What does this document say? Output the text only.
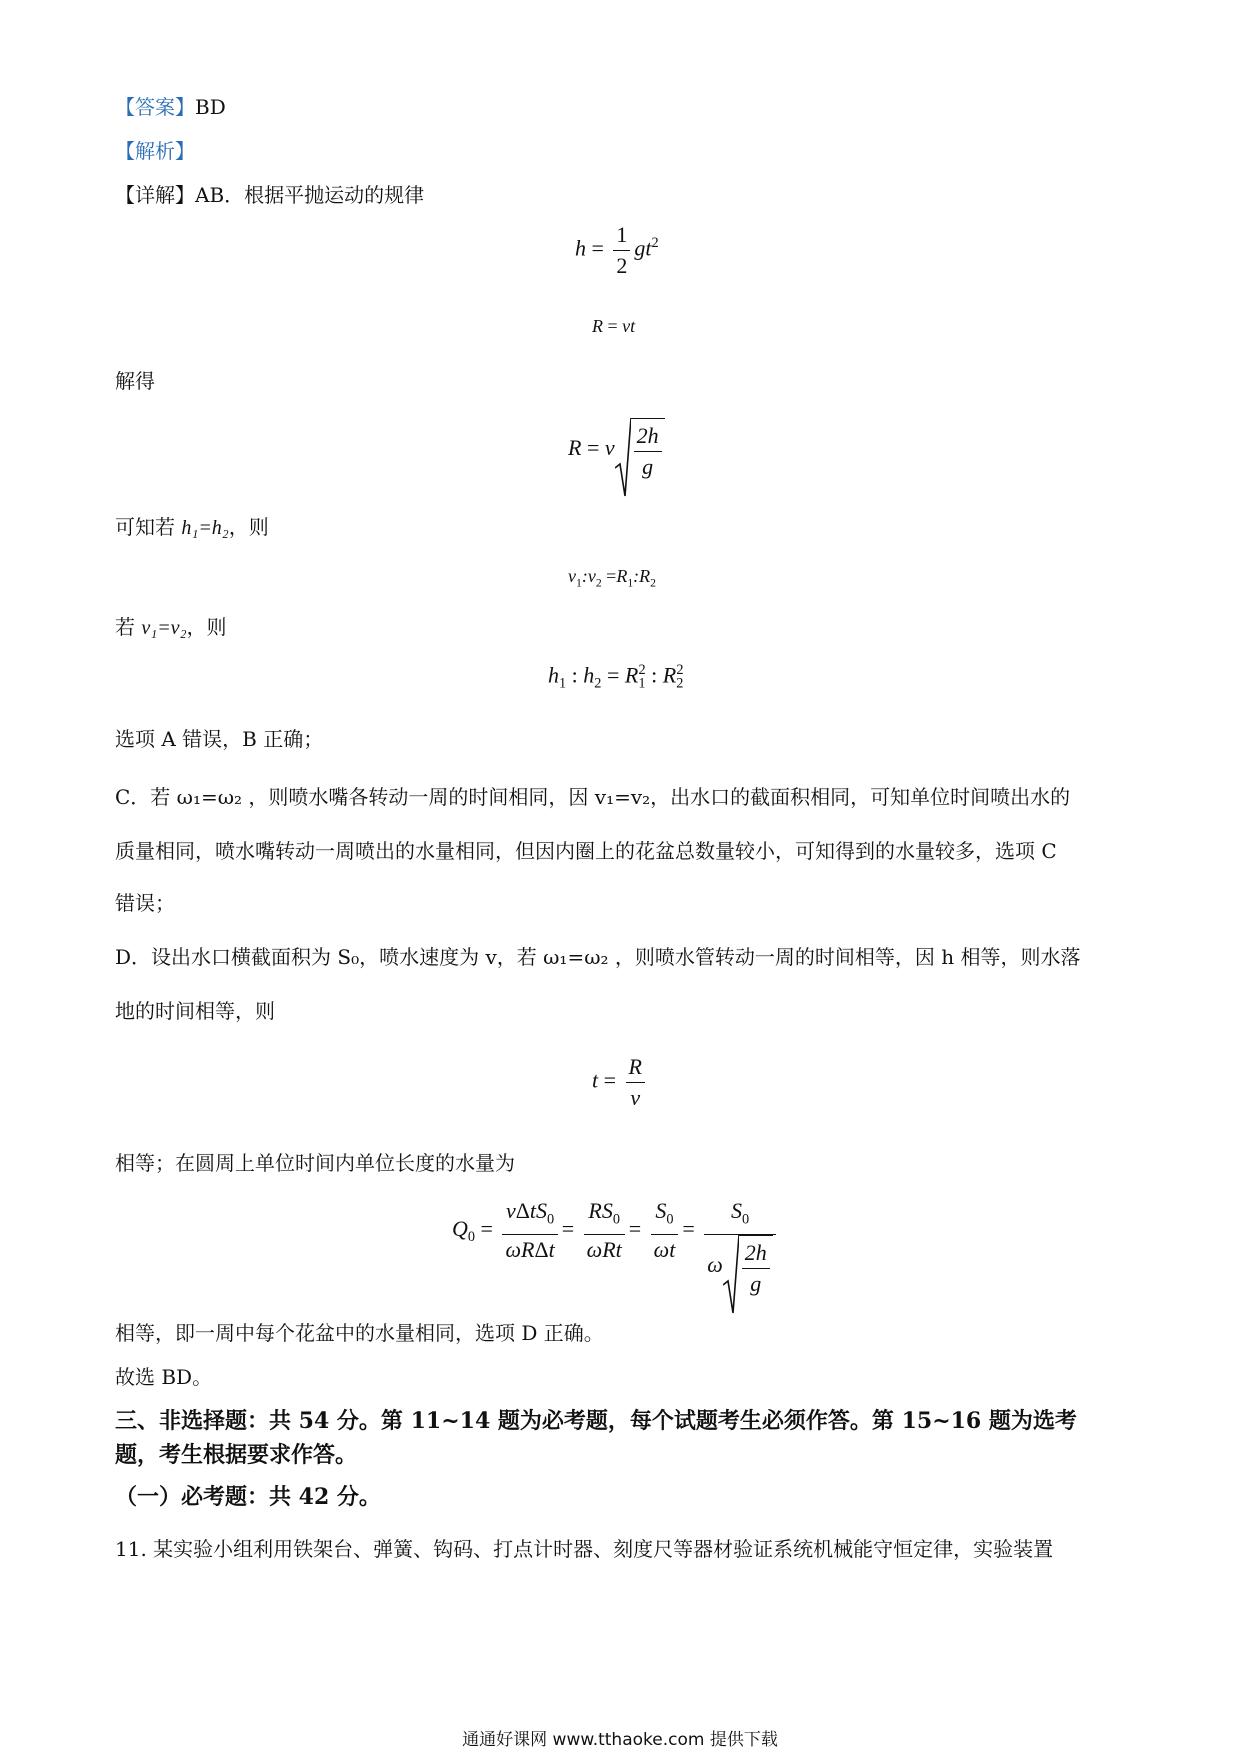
【答案】BD
【解析】
【详解】AB．根据平抛运动的规律
$h = \frac{1}{2} gt^2$
R = vt
解得
R = v $\frac{2h}{g}$
可知若 h₁=h₂，则
$v_1:v_2$ $=R_1:R_2$
若 v₁=v₂，则
$h_1$ : $h_2 = R_1^2$ : $R_2^2$
选项 A 错误，B 正确；
C．若 ω₁=ω₂ ，则喷水嘴各转动一周的时间相同，因 v₁=v₂，出水口的截面积相同，可知单位时间喷出水的
质量相同，喷水嘴转动一周喷出的水量相同，但因内圈上的花盆总数量较小，可知得到的水量较多，选项 C
错误；
D．设出水口横截面积为 S₀，喷水速度为 v，若 ω₁=ω₂ ，则喷水管转动一周的时间相等，因 h 相等，则水落
地的时间相等，则
$t = \frac{R}{v}$
相等；在圆周上单位时间内单位长度的水量为
$Q_0 = \frac{v\Delta tS_0}{\text{ωRΔt}} = \frac{RS_0}{\text{ωRt}} = \frac{S_0}{\omega t} = \frac{S_0}{\omega \frac{2h}{g}}$
相等，即一周中每个花盆中的水量相同，选项 D 正确。
故选 BD。
三、非选择题：共 54 分。第 11~14 题为必考题，每个试题考生必须作答。第 15~16 题为选考
题，考生根据要求作答。
（一）必考题：共 42 分。
11. 某实验小组利用铁架台、弹簧、钩码、打点计时器、刻度尺等器材验证系统机械能守恒定律，实验装置
通通好课网 www.tthaoke.com 提供下载
